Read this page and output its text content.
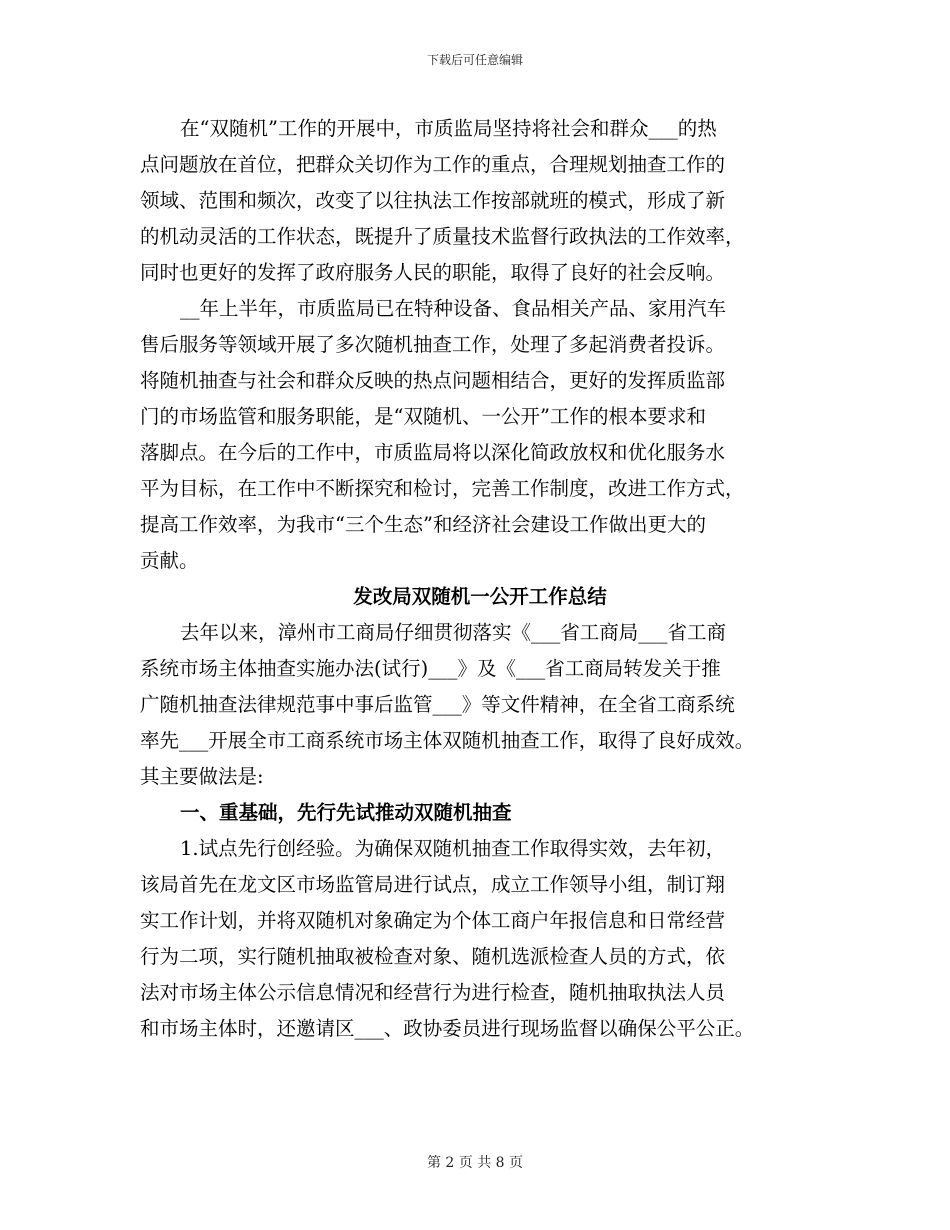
下载后可任意编辑
在“双随机”工作的开展中，市质监局坚持将社会和群众___的热
点问题放在首位，把群众关切作为工作的重点，合理规划抽查工作的
领域、范围和频次，改变了以往执法工作按部就班的模式，形成了新
的机动灵活的工作状态，既提升了质量技术监督行政执法的工作效率，
同时也更好的发挥了政府服务人民的职能，取得了良好的社会反响。
__年上半年，市质监局已在特种设备、食品相关产品、家用汽车
售后服务等领域开展了多次随机抽查工作，处理了多起消费者投诉。
将随机抽查与社会和群众反映的热点问题相结合，更好的发挥质监部
门的市场监管和服务职能，是“双随机、一公开”工作的根本要求和
落脚点。在今后的工作中，市质监局将以深化简政放权和优化服务水
平为目标，在工作中不断探究和检讨，完善工作制度，改进工作方式，
提高工作效率，为我市“三个生态”和经济社会建设工作做出更大的
贡献。
发改局双随机一公开工作总结
去年以来，漳州市工商局仔细贯彻落实《___省工商局___省工商
系统市场主体抽查实施办法(试行)___》及《___省工商局转发关于推
广随机抽查法律规范事中事后监管___》等文件精神，在全省工商系统
率先___开展全市工商系统市场主体双随机抽查工作，取得了良好成效。
其主要做法是:
一、重基础，先行先试推动双随机抽查
1.试点先行创经验。为确保双随机抽查工作取得实效，去年初，
该局首先在龙文区市场监管局进行试点，成立工作领导小组，制订翔
实工作计划，并将双随机对象确定为个体工商户年报信息和日常经营
行为二项，实行随机抽取被检查对象、随机选派检查人员的方式，依
法对市场主体公示信息情况和经营行为进行检查，随机抽取执法人员
和市场主体时，还邀请区___、政协委员进行现场监督以确保公平公正。
第 2 页 共 8 页
